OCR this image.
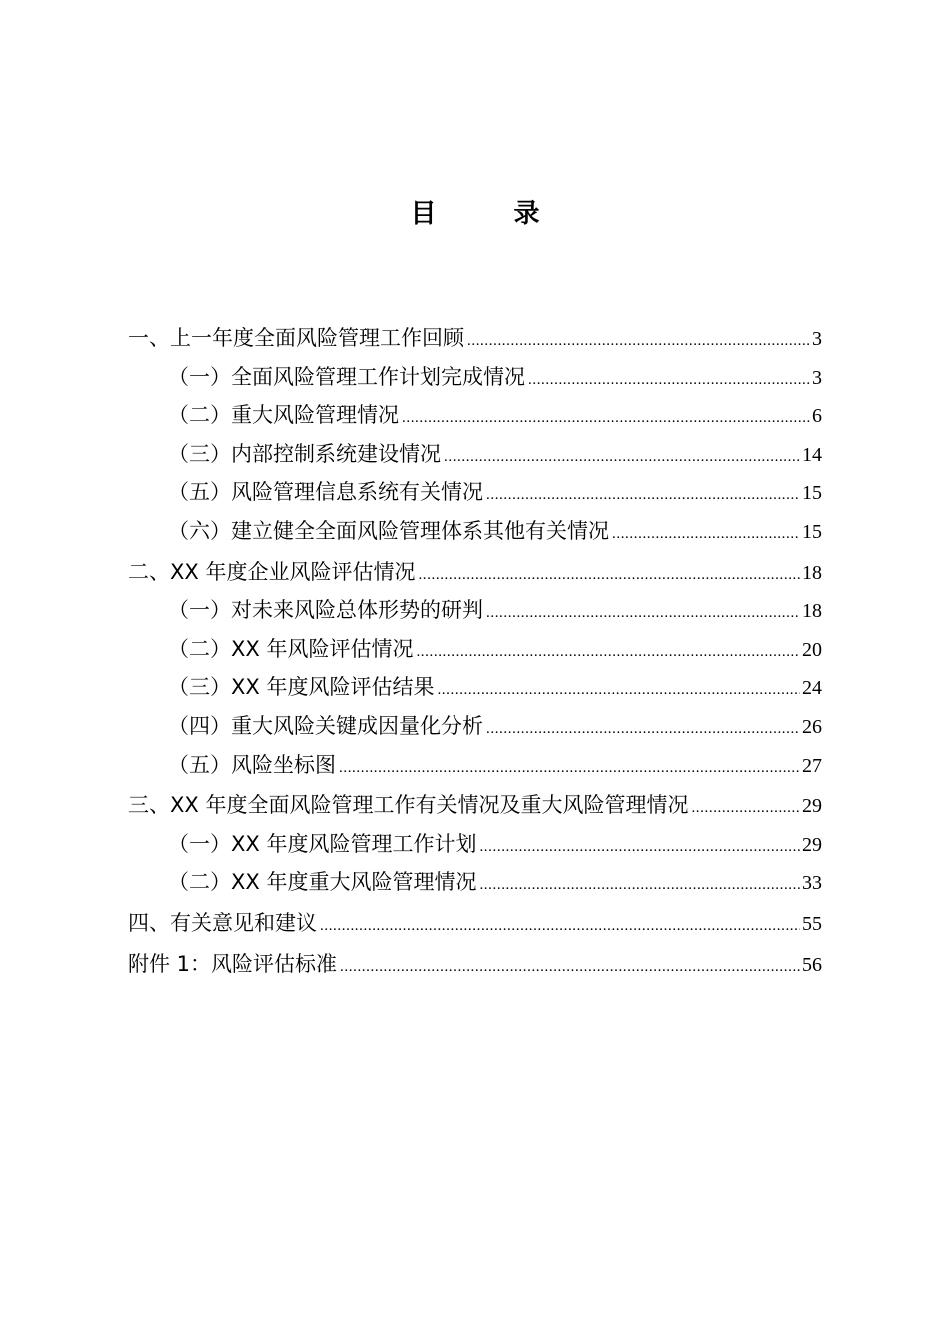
目 录
一、上一年度全面风险管理工作回顾 .....	3
（一）全面风险管理工作计划完成情况 .....	3
（二）重大风险管理情况 .....	6
（三）内部控制系统建设情况 .....	14
（五）风险管理信息系统有关情况 .....	15
（六）建立健全全面风险管理体系其他有关情况 .....	15
二、XX 年度企业风险评估情况 .....	18
（一）对未来风险总体形势的研判 .....	18
（二）XX 年风险评估情况 .....	20
（三）XX 年度风险评估结果 .....	24
（四）重大风险关键成因量化分析 .....	26
（五）风险坐标图 .....	27
三、XX 年度全面风险管理工作有关情况及重大风险管理情况 .....	29
（一）XX 年度风险管理工作计划 .....	29
（二）XX 年度重大风险管理情况 .....	33
四、有关意见和建议 .....	55
附件 1：风险评估标准 .....	56
